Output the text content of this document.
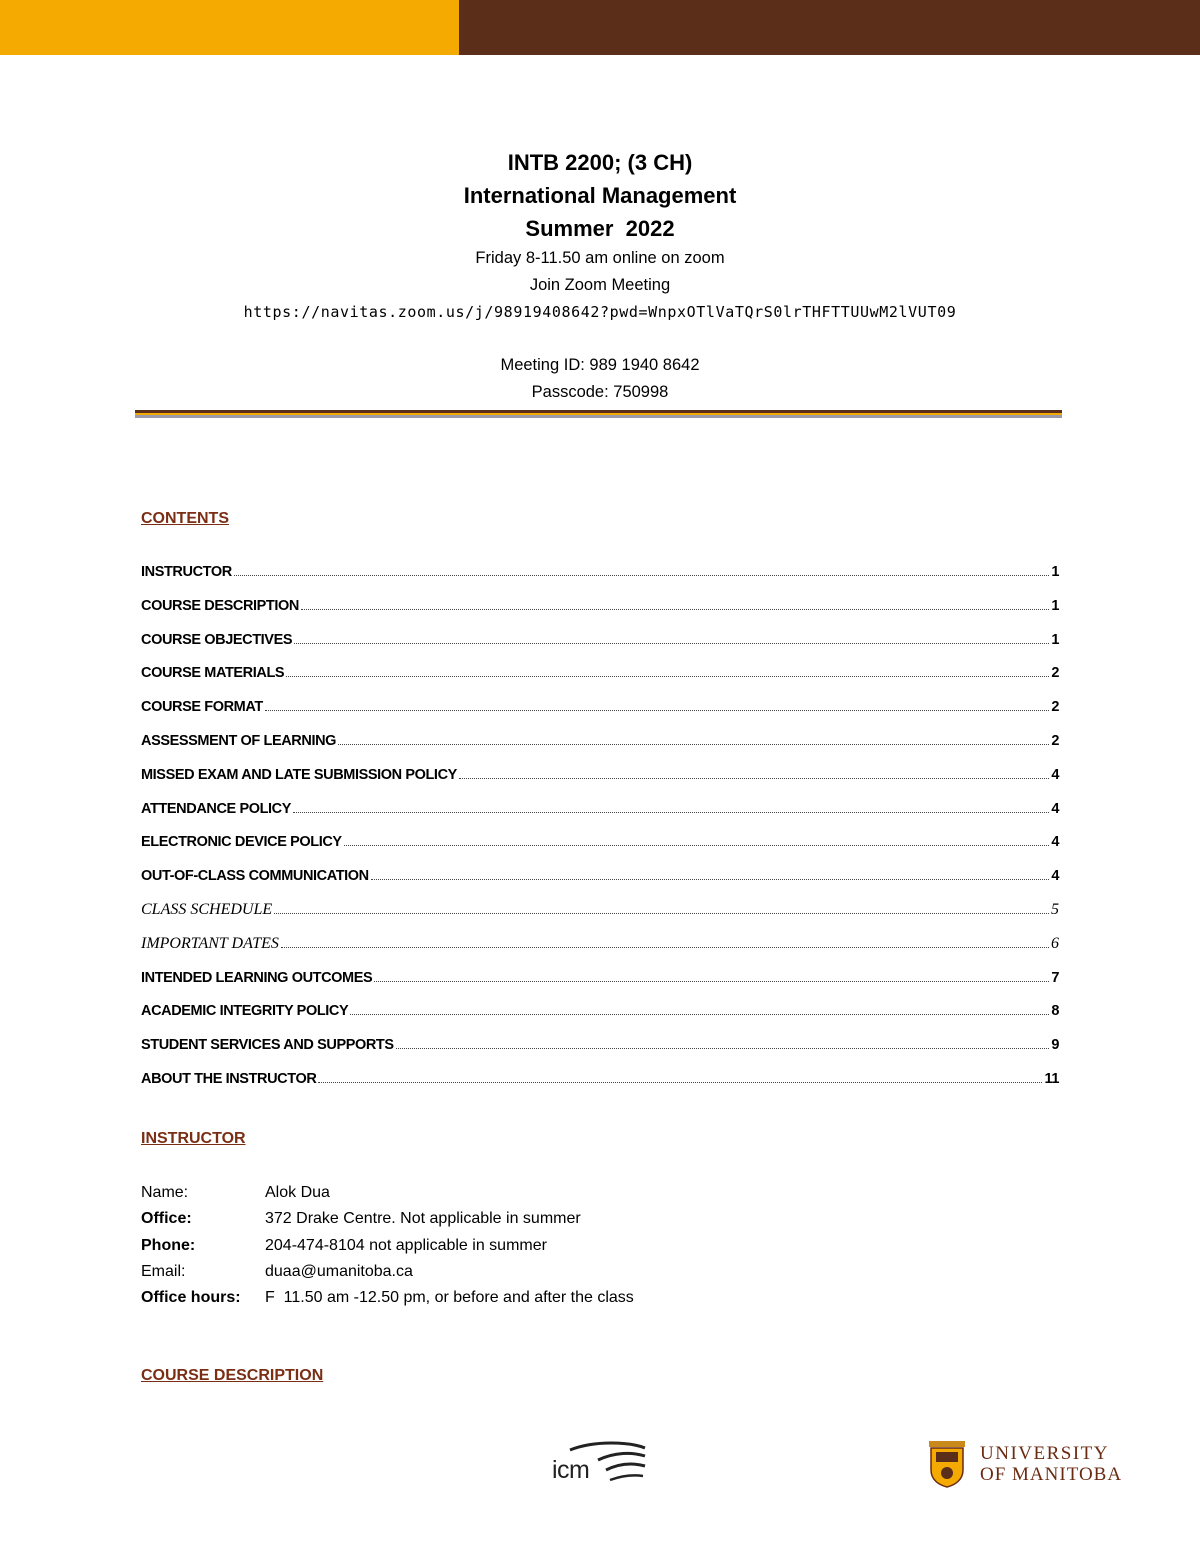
INTB 2200; (3 CH)

International Management

Summer  2022

Friday 8-11.50 am online on zoom

Join Zoom Meeting

https://navitas.zoom.us/j/98919408642?pwd=WnpxOTlVaTQrS0lrTHFTTUUwM2lVUT09

Meeting ID: 989 1940 8642

Passcode: 750998

CONTENTS
INSTRUCTOR	1
COURSE DESCRIPTION	1
COURSE OBJECTIVES	1
COURSE MATERIALS	2
COURSE FORMAT	2
ASSESSMENT OF LEARNING	2
MISSED EXAM AND LATE SUBMISSION POLICY	4
ATTENDANCE POLICY	4
ELECTRONIC DEVICE POLICY	4
OUT-OF-CLASS COMMUNICATION	4
CLASS SCHEDULE	5
IMPORTANT DATES	6
INTENDED LEARNING OUTCOMES	7
ACADEMIC INTEGRITY POLICY	8
STUDENT SERVICES AND SUPPORTS	9
ABOUT THE INSTRUCTOR	11
INSTRUCTOR
Name:	Alok Dua
Office:	372 Drake Centre. Not applicable in summer
Phone:	204-474-8104 not applicable in summer
Email:	duaa@umanitoba.ca
Office hours:	F  11.50 am -12.50 pm, or before and after the class
COURSE DESCRIPTION
icm
UNIVERSITY
OF MANITOBA
